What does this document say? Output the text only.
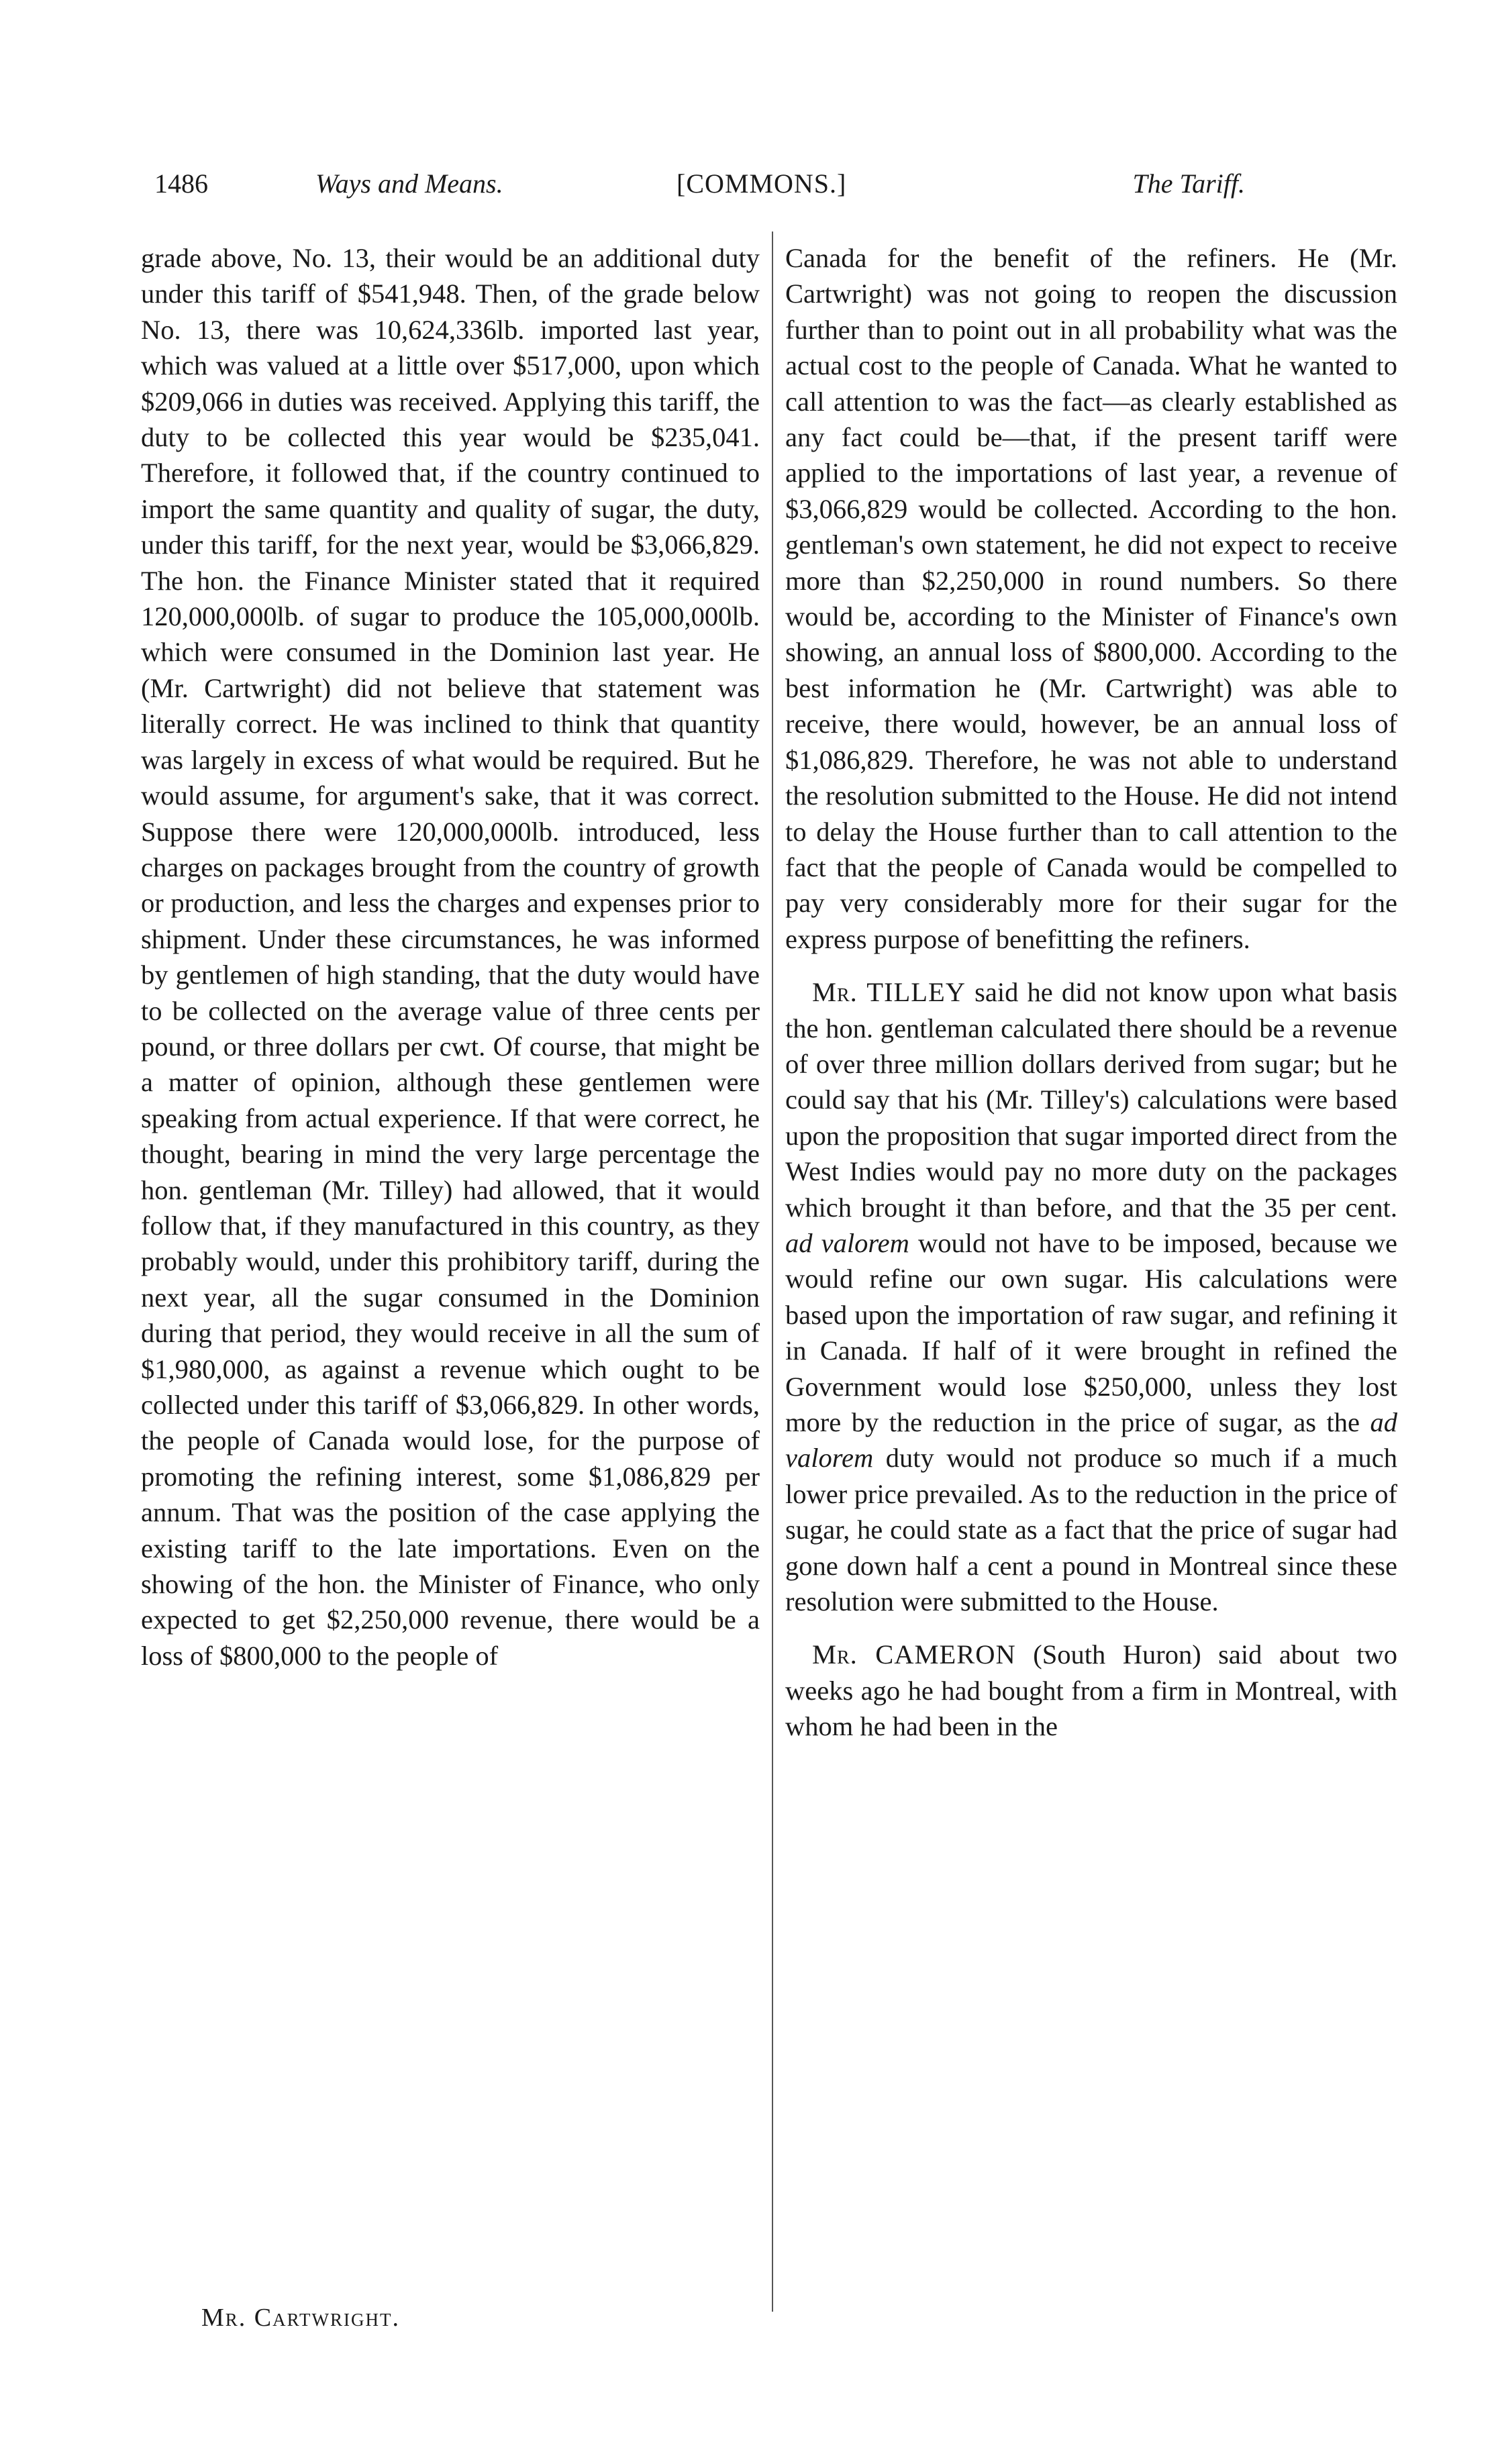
1486	Ways and Means.	[COMMONS.]	The Tariff.

grade above, No. 13, their would be an additional duty under this tariff of $541,948. Then, of the grade below No. 13, there was 10,624,336lb. imported last year, which was valued at a little over $517,000, upon which $209,066 in duties was received. Applying this tariff, the duty to be collected this year would be $235,041. Therefore, it followed that, if the country continued to import the same quantity and quality of sugar, the duty, under this tariff, for the next year, would be $3,066,829. The hon. the Finance Minister stated that it required 120,000,000lb. of sugar to produce the 105,000,000lb. which were consumed in the Dominion last year. He (Mr. Cartwright) did not believe that statement was literally correct. He was inclined to think that quantity was largely in excess of what would be required. But he would assume, for argument's sake, that it was correct. Suppose there were 120,000,000lb. introduced, less charges on packages brought from the country of growth or production, and less the charges and expenses prior to shipment. Under these circumstances, he was informed by gentlemen of high standing, that the duty would have to be collected on the average value of three cents per pound, or three dollars per cwt. Of course, that might be a matter of opinion, although these gentlemen were speaking from actual experience. If that were correct, he thought, bearing in mind the very large percentage the hon. gentleman (Mr. Tilley) had allowed, that it would follow that, if they manufactured in this country, as they probably would, under this prohibitory tariff, during the next year, all the sugar consumed in the Dominion during that period, they would receive in all the sum of $1,980,000, as against a revenue which ought to be collected under this tariff of $3,066,829. In other words, the people of Canada would lose, for the purpose of promoting the refining interest, some $1,086,829 per annum. That was the position of the case applying the existing tariff to the late importations. Even on the showing of the hon. the Minister of Finance, who only expected to get $2,250,000 revenue, there would be a loss of $800,000 to the people of

Canada for the benefit of the refiners. He (Mr. Cartwright) was not going to reopen the discussion further than to point out in all probability what was the actual cost to the people of Canada. What he wanted to call attention to was the fact—as clearly established as any fact could be—that, if the present tariff were applied to the importations of last year, a revenue of $3,066,829 would be collected. According to the hon. gentleman's own statement, he did not expect to receive more than $2,250,000 in round numbers. So there would be, according to the Minister of Finance's own showing, an annual loss of $800,000. According to the best information he (Mr. Cartwright) was able to receive, there would, however, be an annual loss of $1,086,829. Therefore, he was not able to understand the resolution submitted to the House. He did not intend to delay the House further than to call attention to the fact that the people of Canada would be compelled to pay very considerably more for their sugar for the express purpose of benefitting the refiners.

Mr. TILLEY said he did not know upon what basis the hon. gentleman calculated there should be a revenue of over three million dollars derived from sugar; but he could say that his (Mr. Tilley's) calculations were based upon the proposition that sugar imported direct from the West Indies would pay no more duty on the packages which brought it than before, and that the 35 per cent. ad valorem would not have to be imposed, because we would refine our own sugar. His calculations were based upon the importation of raw sugar, and refining it in Canada. If half of it were brought in refined the Government would lose $250,000, unless they lost more by the reduction in the price of sugar, as the ad valorem duty would not produce so much if a much lower price prevailed. As to the reduction in the price of sugar, he could state as a fact that the price of sugar had gone down half a cent a pound in Montreal since these resolution were submitted to the House.

Mr. CAMERON (South Huron) said about two weeks ago he had bought from a firm in Montreal, with whom he had been in the

Mr. Cartwright.
